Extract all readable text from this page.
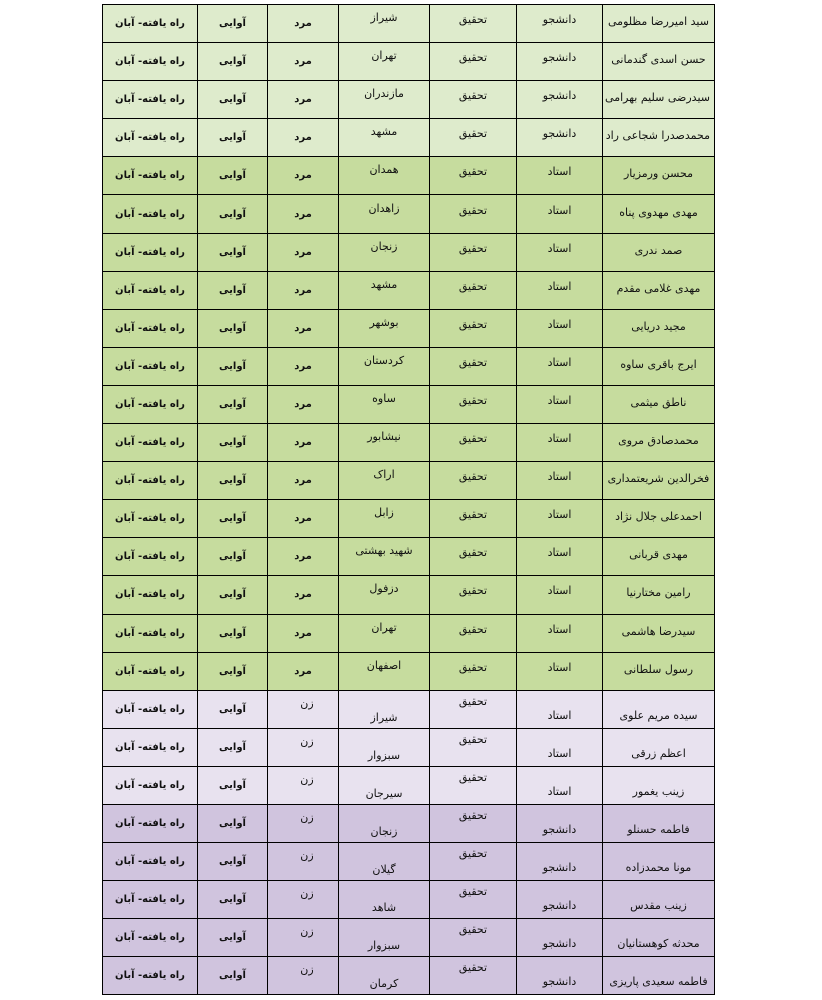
سید امیررضا مظلومی	دانشجو	تحقیق	شیراز	مرد	آوایی	راه یافته- آبان
حسن اسدی گندمانی	دانشجو	تحقیق	تهران	مرد	آوایی	راه یافته- آبان
سیدرضی سلیم بهرامی	دانشجو	تحقیق	مازندران	مرد	آوایی	راه یافته- آبان
محمدصدرا شجاعی راد	دانشجو	تحقیق	مشهد	مرد	آوایی	راه یافته- آبان
محسن ورمزیار	استاد	تحقیق	همدان	مرد	آوایی	راه یافته- آبان
مهدی مهدوی پناه	استاد	تحقیق	زاهدان	مرد	آوایی	راه یافته- آبان
صمد ندری	استاد	تحقیق	زنجان	مرد	آوایی	راه یافته- آبان
مهدی غلامی مقدم	استاد	تحقیق	مشهد	مرد	آوایی	راه یافته- آبان
مجید دریایی	استاد	تحقیق	بوشهر	مرد	آوایی	راه یافته- آبان
ایرج باقری ساوه	استاد	تحقیق	کردستان	مرد	آوایی	راه یافته- آبان
ناطق میثمی	استاد	تحقیق	ساوه	مرد	آوایی	راه یافته- آبان
محمدصادق مروی	استاد	تحقیق	نیشابور	مرد	آوایی	راه یافته- آبان
فخرالدین شریعتمداری	استاد	تحقیق	اراک	مرد	آوایی	راه یافته- آبان
احمدعلی جلال نژاد	استاد	تحقیق	زابل	مرد	آوایی	راه یافته- آبان
مهدی قربانی	استاد	تحقیق	شهید بهشتی	مرد	آوایی	راه یافته- آبان
رامین مختارنیا	استاد	تحقیق	دزفول	مرد	آوایی	راه یافته- آبان
سیدرضا هاشمی	استاد	تحقیق	تهران	مرد	آوایی	راه یافته- آبان
رسول سلطانی	استاد	تحقیق	اصفهان	مرد	آوایی	راه یافته- آبان
سیده مریم علوی	استاد	تحقیق	شیراز	زن	آوایی	راه یافته- آبان
اعظم زرقی	استاد	تحقیق	سبزوار	زن	آوایی	راه یافته- آبان
زینب یغمور	استاد	تحقیق	سیرجان	زن	آوایی	راه یافته- آبان
فاطمه حسنلو	دانشجو	تحقیق	زنجان	زن	آوایی	راه یافته- آبان
مونا محمدزاده	دانشجو	تحقیق	گیلان	زن	آوایی	راه یافته- آبان
زینب مقدس	دانشجو	تحقیق	شاهد	زن	آوایی	راه یافته- آبان
محدثه کوهستانیان	دانشجو	تحقیق	سبزوار	زن	آوایی	راه یافته- آبان
فاطمه سعیدی پاریزی	دانشجو	تحقیق	کرمان	زن	آوایی	راه یافته- آبان
